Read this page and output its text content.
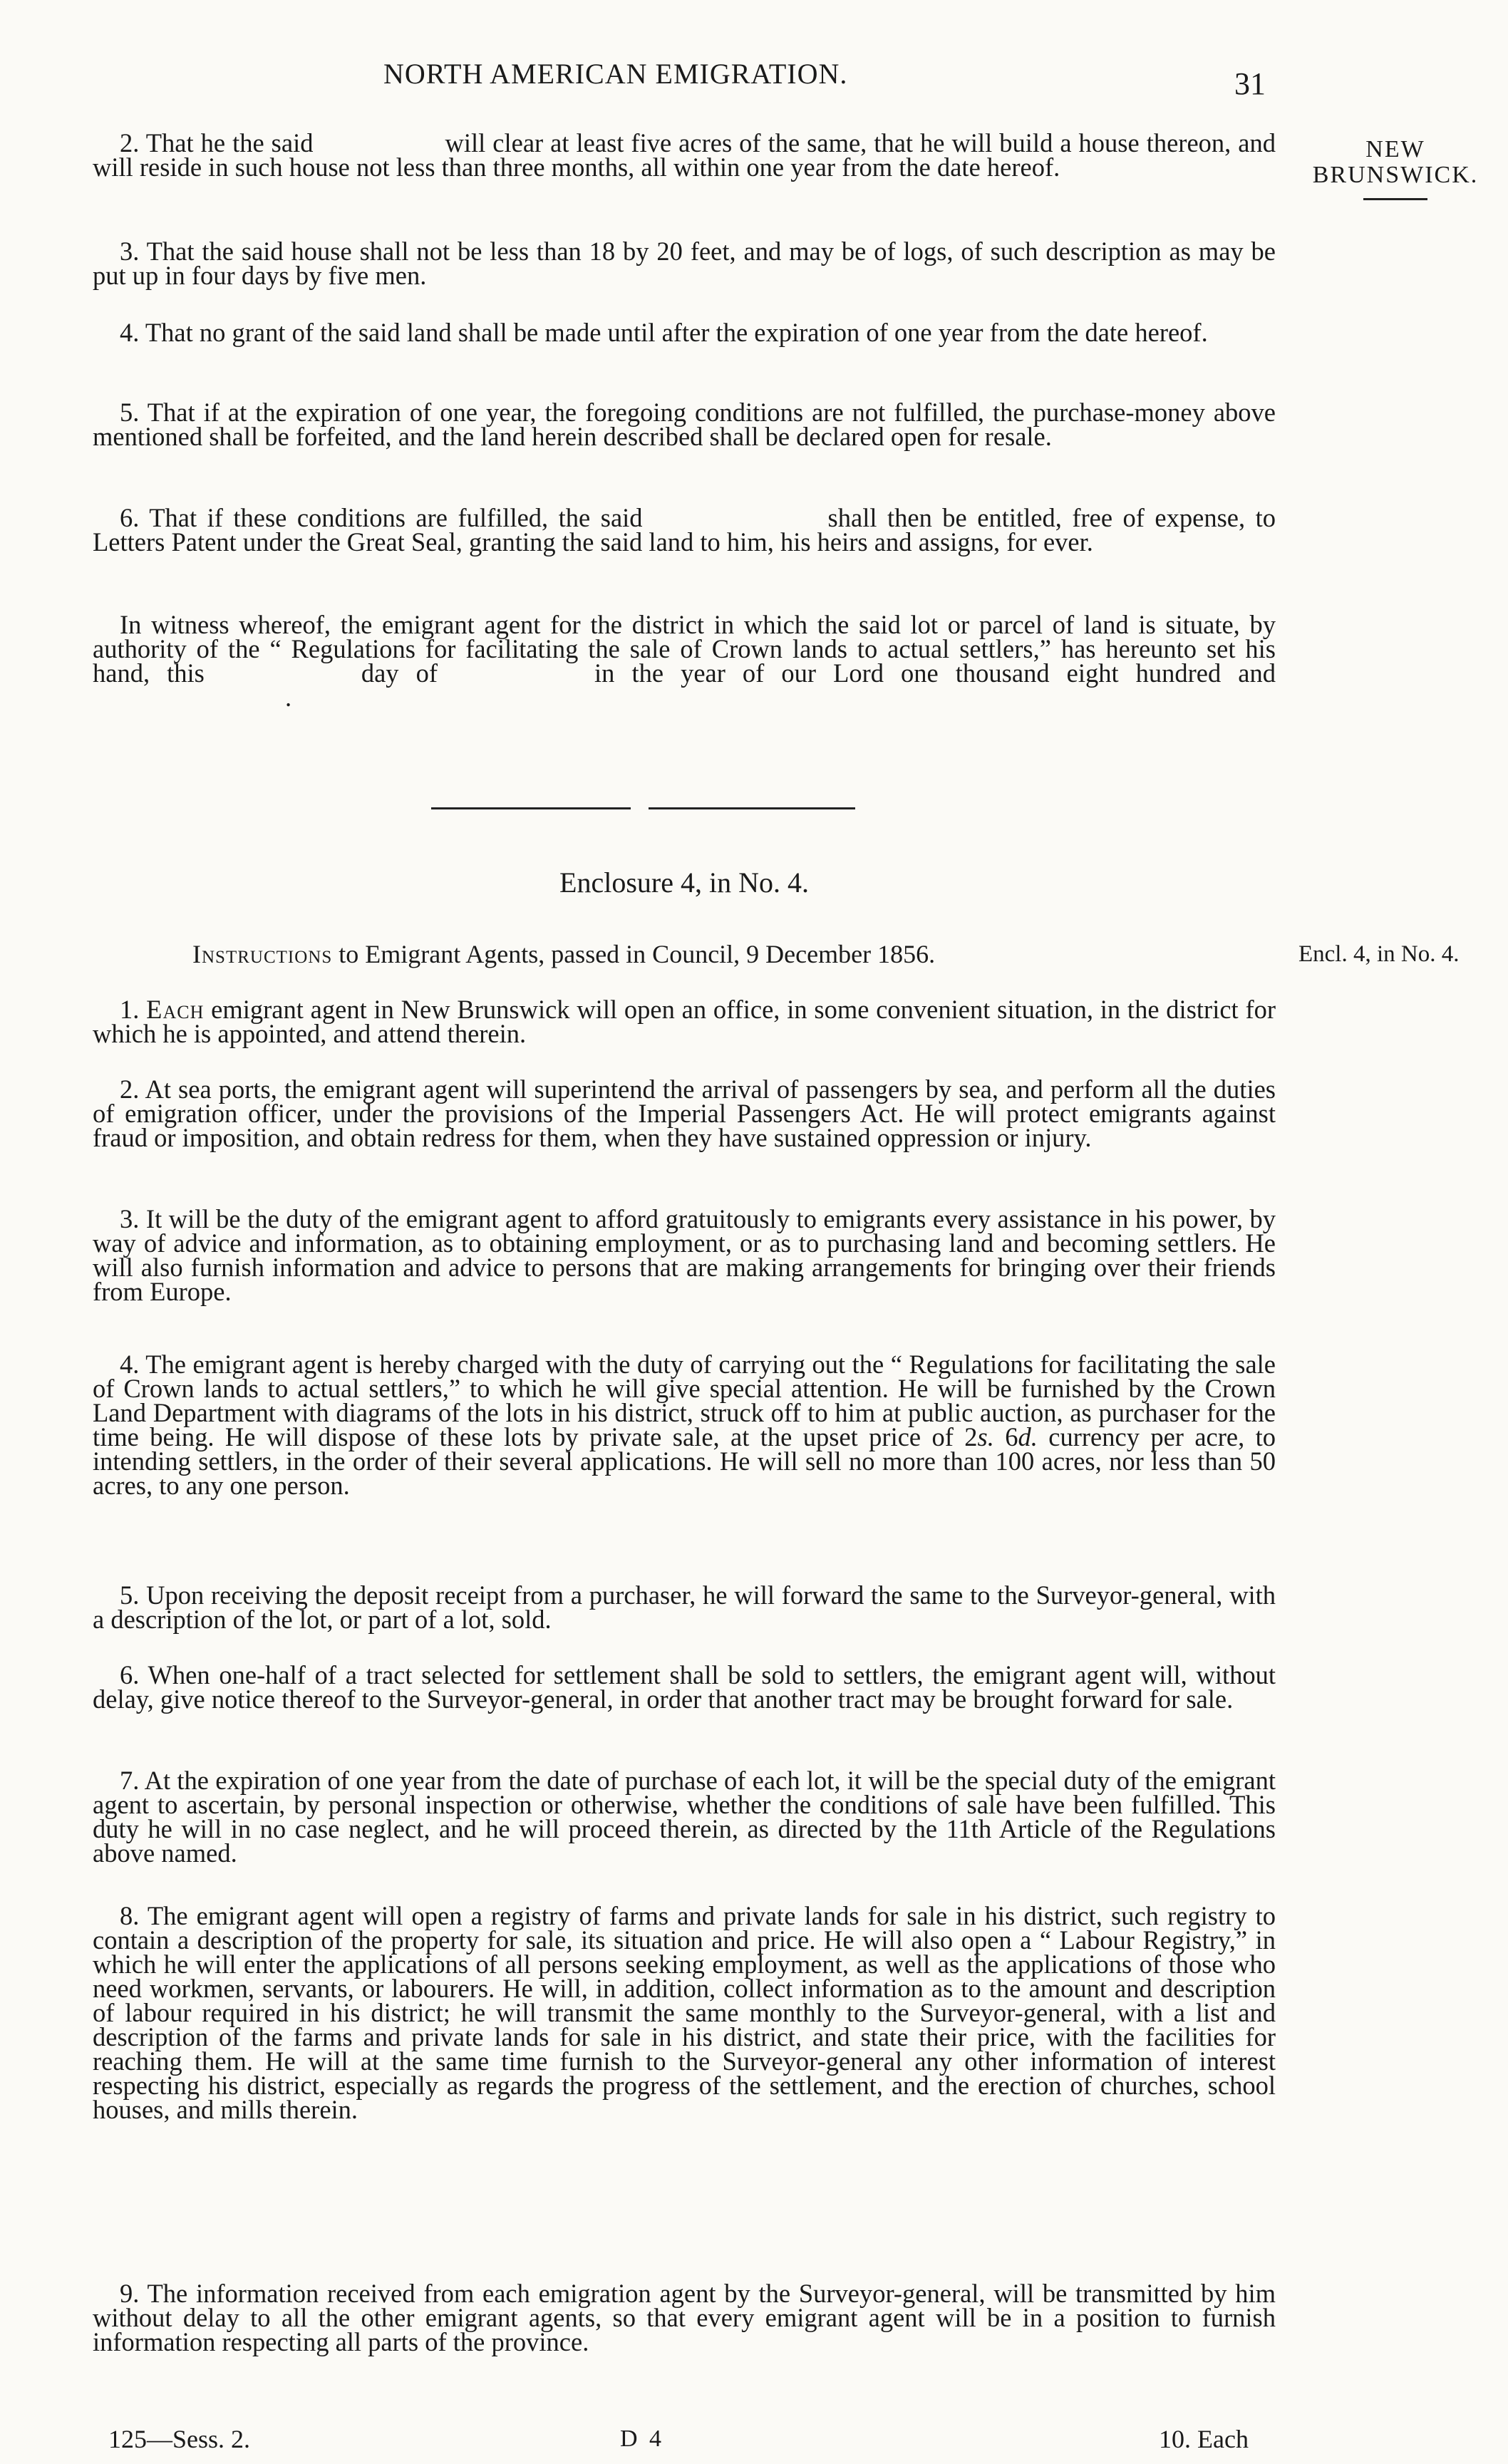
NORTH AMERICAN EMIGRATION.	31
NEW
BRUNSWICK.

2. That he the said	will clear at least five acres of the same, that he will build a house thereon, and will reside in such house not less than three months, all within one year from the date hereof.

3. That the said house shall not be less than 18 by 20 feet, and may be of logs, of such description as may be put up in four days by five men.

4. That no grant of the said land shall be made until after the expiration of one year from the date hereof.

5. That if at the expiration of one year, the foregoing conditions are not fulfilled, the purchase-money above mentioned shall be forfeited, and the land herein described shall be declared open for resale.

6. That if these conditions are fulfilled, the said	shall then be entitled, free of expense, to Letters Patent under the Great Seal, granting the said land to him, his heirs and assigns, for ever.

In witness whereof, the emigrant agent for the district in which the said lot or parcel of land is situate, by authority of the “ Regulations for facilitating the sale of Crown lands to actual settlers,” has hereunto set his hand, this	day of	in the year of our Lord one thousand eight hundred and.

Enclosure 4, in No. 4.
Instructions to Emigrant Agents, passed in Council, 9 December 1856.	Encl. 4, in No. 4.

1. Each emigrant agent in New Brunswick will open an office, in some convenient situation, in the district for which he is appointed, and attend therein.

2. At sea ports, the emigrant agent will superintend the arrival of passengers by sea, and perform all the duties of emigration officer, under the provisions of the Imperial Passengers Act. He will protect emigrants against fraud or imposition, and obtain redress for them, when they have sustained oppression or injury.

3. It will be the duty of the emigrant agent to afford gratuitously to emigrants every assistance in his power, by way of advice and information, as to obtaining employment, or as to purchasing land and becoming settlers. He will also furnish information and advice to persons that are making arrangements for bringing over their friends from Europe.

4. The emigrant agent is hereby charged with the duty of carrying out the “ Regulations for facilitating the sale of Crown lands to actual settlers,” to which he will give special attention. He will be furnished by the Crown Land Department with diagrams of the lots in his district, struck off to him at public auction, as purchaser for the time being. He will dispose of these lots by private sale, at the upset price of 2s. 6d. currency per acre, to intending settlers, in the order of their several applications. He will sell no more than 100 acres, nor less than 50 acres, to any one person.

5. Upon receiving the deposit receipt from a purchaser, he will forward the same to the Surveyor-general, with a description of the lot, or part of a lot, sold.

6. When one-half of a tract selected for settlement shall be sold to settlers, the emigrant agent will, without delay, give notice thereof to the Surveyor-general, in order that another tract may be brought forward for sale.

7. At the expiration of one year from the date of purchase of each lot, it will be the special duty of the emigrant agent to ascertain, by personal inspection or otherwise, whether the conditions of sale have been fulfilled. This duty he will in no case neglect, and he will proceed therein, as directed by the 11th Article of the Regulations above named.

8. The emigrant agent will open a registry of farms and private lands for sale in his district, such registry to contain a description of the property for sale, its situation and price. He will also open a “ Labour Registry,” in which he will enter the applications of all persons seeking employment, as well as the applications of those who need workmen, servants, or labourers. He will, in addition, collect information as to the amount and description of labour required in his district; he will transmit the same monthly to the Surveyor-general, with a list and description of the farms and private lands for sale in his district, and state their price, with the facilities for reaching them. He will at the same time furnish to the Surveyor-general any other information of interest respecting his district, especially as regards the progress of the settlement, and the erection of churches, school houses, and mills therein.

9. The information received from each emigration agent by the Surveyor-general, will be transmitted by him without delay to all the other emigrant agents, so that every emigrant agent will be in a position to furnish information respecting all parts of the province.

125—Sess. 2.	D 4	10. Each
